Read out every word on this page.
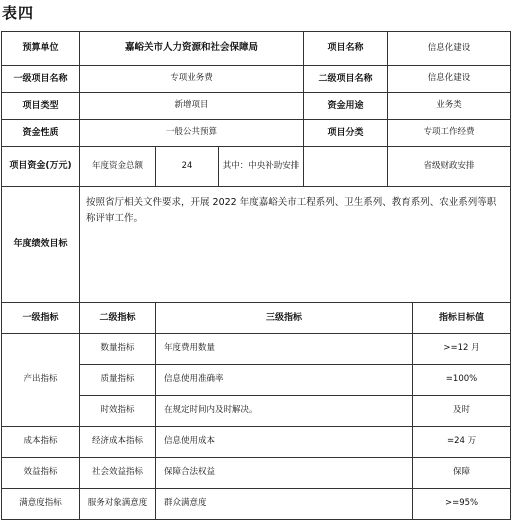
表四
预算单位	嘉峪关市人力资源和社会保障局			项目名称	信息化建设	
一级项目名称	专项业务费			二级项目名称	信息化建设	
项目类型	新增项目			资金用途	业务类	
资金性质	一般公共预算			项目分类	专项工作经费	
项目资金(万元)	年度资金总额	24	其中：中央补助安排		省级财政安排	
年度绩效目标	按照省厅相关文件要求，开展 2022 年度嘉峪关市工程系列、卫生系列、教育系列、农业系列等职称评审工作。					
一级指标	二级指标	三级指标				指标目标值
产出指标	数量指标	年度费用数量				>=12 月
	质量指标	信息使用准确率				=100%
	时效指标	在规定时间内及时解决。				及时
成本指标	经济成本指标	信息使用成本				=24 万
效益指标	社会效益指标	保障合法权益				保障
满意度指标	服务对象满意度	群众满意度				>=95%
